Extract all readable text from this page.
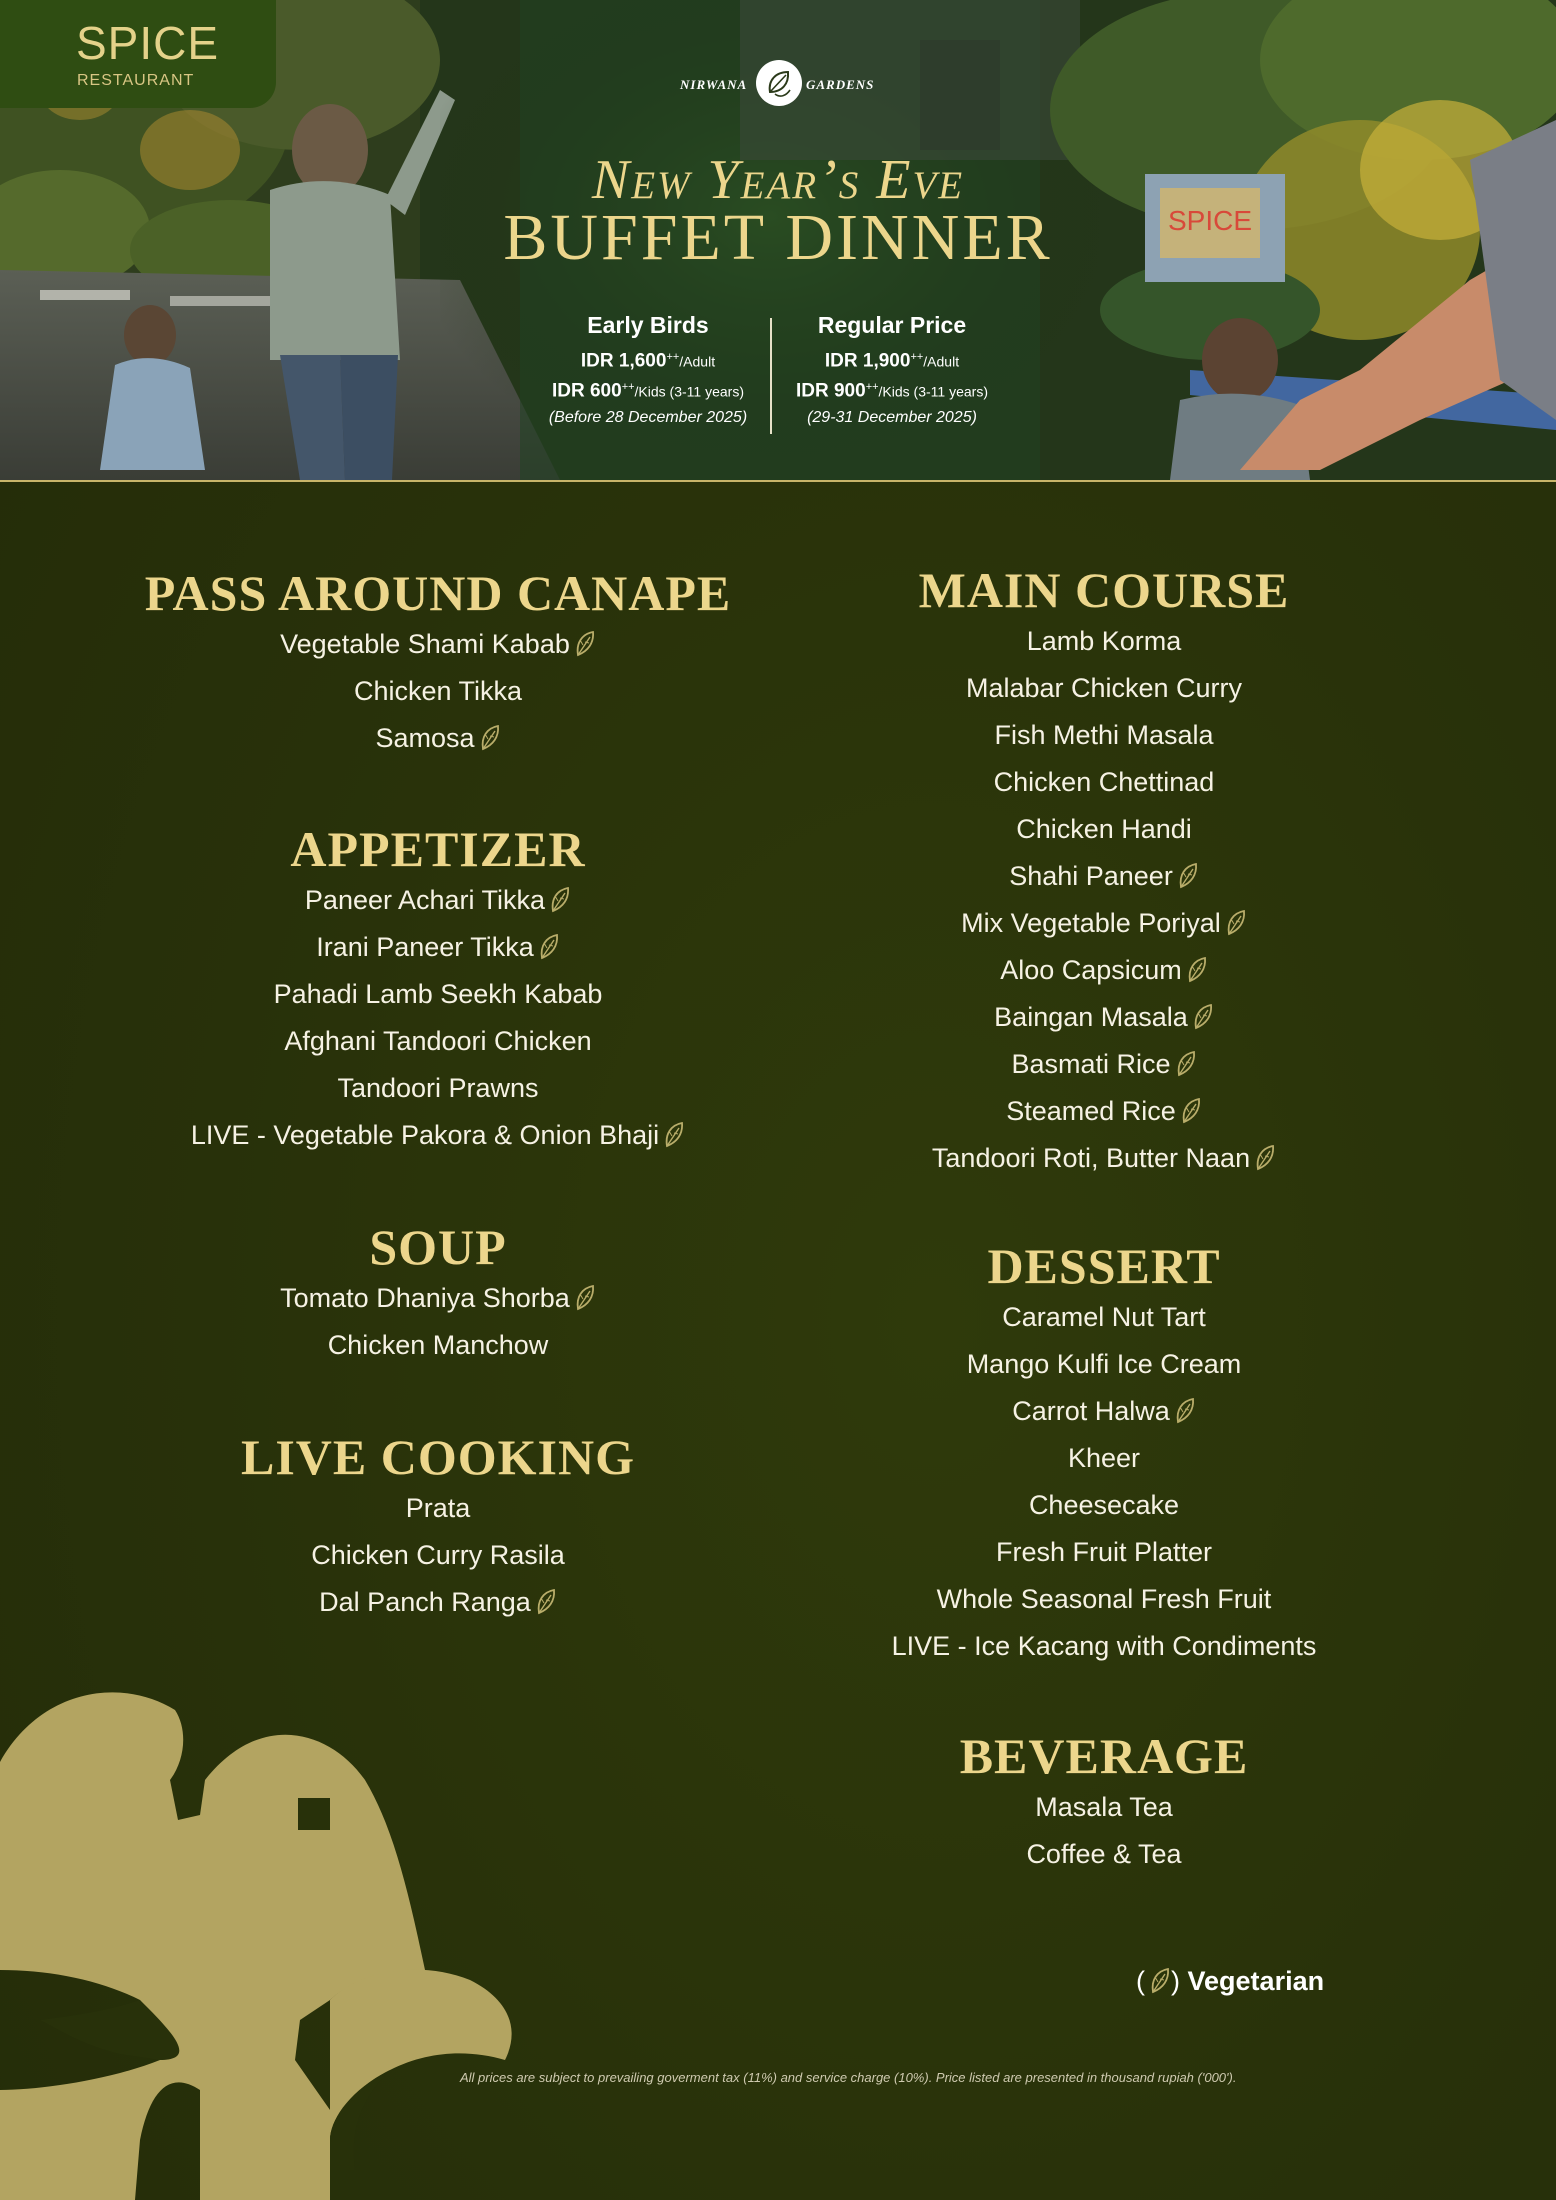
SPICE
SPICE
RESTAURANT	NIRWANA	GARDENS
New Year’s Eve
BUFFET DINNER
Early Birds
IDR 1,600++/Adult
IDR 600++/Kids (3-11 years)
(Before 28 December 2025)
Regular Price
IDR 1,900++/Adult
IDR 900++/Kids (3-11 years)
(29-31 December 2025)
PASS AROUND CANAPE
Vegetable Shami Kabab
Chicken Tikka
Samosa
APPETIZER
Paneer Achari Tikka
Irani Paneer Tikka
Pahadi Lamb Seekh Kabab
Afghani Tandoori Chicken
Tandoori Prawns
LIVE - Vegetable Pakora & Onion Bhaji
SOUP
Tomato Dhaniya Shorba
Chicken Manchow
LIVE COOKING
Prata
Chicken Curry Rasila
Dal Panch Ranga
MAIN COURSE
Lamb Korma
Malabar Chicken Curry
Fish Methi Masala
Chicken Chettinad
Chicken Handi
Shahi Paneer
Mix Vegetable Poriyal
Aloo Capsicum
Baingan Masala
Basmati Rice
Steamed Rice
Tandoori Roti, Butter Naan
DESSERT
Caramel Nut Tart
Mango Kulfi Ice Cream
Carrot Halwa
Kheer
Cheesecake
Fresh Fruit Platter
Whole Seasonal Fresh Fruit
LIVE - Ice Kacang with Condiments
BEVERAGE
Masala Tea
Coffee & Tea
( ) Vegetarian
All prices are subject to prevailing goverment tax (11%) and service charge (10%). Price listed are presented in thousand rupiah ('000').
